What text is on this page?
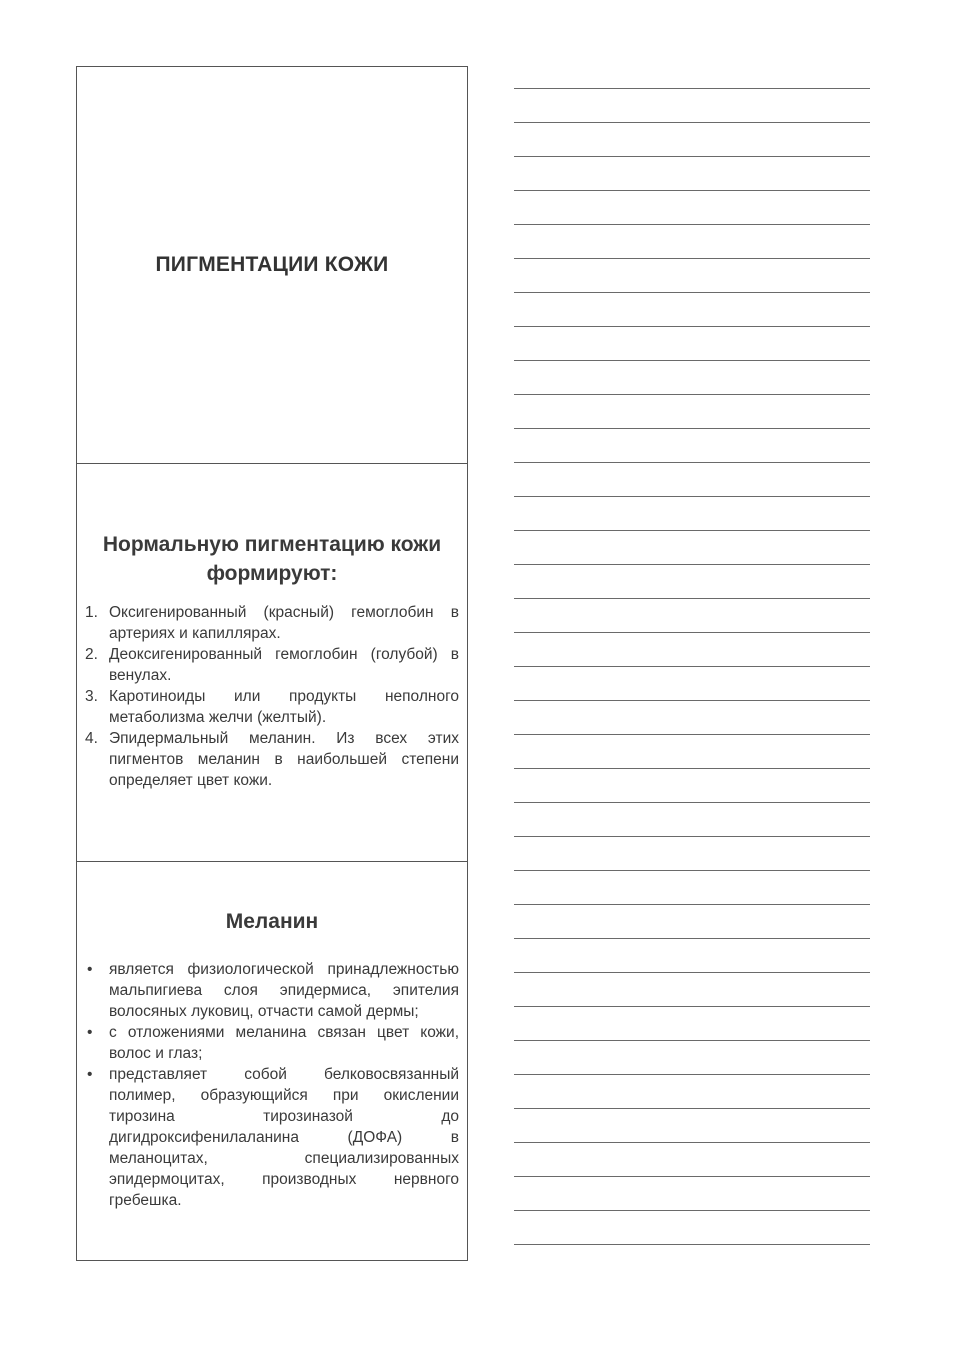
ПИГМЕНТАЦИИ КОЖИ
Нормальную пигментацию кожи формируют:
1. Оксигенированный (красный) гемоглобин в артериях и капиллярах.
2. Деоксигенированный гемоглобин (голубой) в венулах.
3. Каротиноиды или продукты неполного метаболизма желчи (желтый).
4. Эпидермальный меланин. Из всех этих пигментов меланин в наибольшей степени определяет цвет кожи.
Меланин
• является физиологической принадлежностью мальпигиева слоя эпидермиса, эпителия волосяных луковиц, отчасти самой дермы;
• с отложениями меланина связан цвет кожи, волос и глаз;
• представляет собой белковосвязанный полимер, образующийся при окислении тирозина тирозиназой до дигидроксифенилаланина (ДОФА) в меланоцитах, специализированных эпидермоцитах, производных нервного гребешка.
